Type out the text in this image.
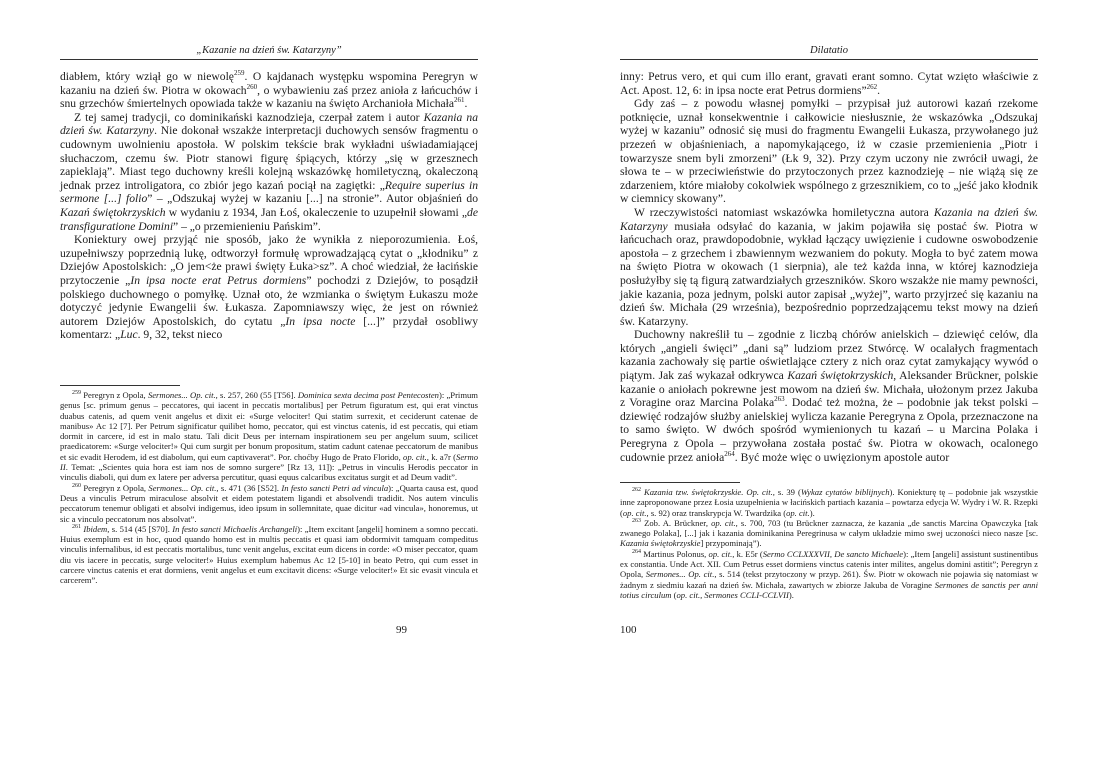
„Kazanie na dzień św. Katarzyny”

diabłem, który wziął go w niewolę$^{259}$. O kajdanach występku wspomina Peregryn w kazaniu na dzień św. Piotra w okowach$^{260}$, o wybawieniu zaś przez anioła z łańcuchów i snu grzechów śmiertelnych opowiada także w kazaniu na święto Archanioła Michała$^{261}$.

Z tej samej tradycji, co dominikański kaznodzieja, czerpał zatem i autor Kazania na dzień św. Katarzyny. Nie dokonał wszakże interpretacji duchowych sensów fragmentu o cudownym uwolnieniu apostoła. W polskim tekście brak wykładni uświadamiającej słuchaczom, czemu św. Piotr stanowi figurę śpiących, którzy „się w grzesznech zapieklają”. Miast tego duchowny kreśli kolejną wskazówkę homiletyczną, okaleczoną jednak przez introligatora, co zbiór jego kazań pociął na zagiętki: „Require superius in sermone [...] folio” – „Odszukaj wyżej w kazaniu [...] na stronie”. Autor objaśnień do Kazań świętokrzyskich w wydaniu z 1934, Jan Łoś, okaleczenie to uzupełnił słowami „de transfiguratione Domini” – „o przemienieniu Pańskim”.

Koniektury owej przyjąć nie sposób, jako że wynikła z nieporozumienia. Łoś, uzupełniwszy poprzednią lukę, odtworzył formułę wprowadzającą cytat o „kłodniku” z Dziejów Apostolskich: „O jem<że prawi święty Łuka>sz”. A choć wiedział, że łacińskie przytoczenie „In ipsa nocte erat Petrus dormiens” pochodzi z Dziejów, to posądził polskiego duchownego o pomyłkę. Uznał oto, że wzmianka o świętym Łukaszu może dotyczyć jedynie Ewangelii św. Łukasza. Zapomniawszy więc, że jest on również autorem Dziejów Apostolskich, do cytatu „In ipsa nocte [...]” przydał osobliwy komentarz: „Luc. 9, 32, tekst nieco

$^{259}$ Peregryn z Opola, Sermones... Op. cit., s. 257, 260 (55 [T56]. Dominica sexta decima post Pentecosten): „Primum genus [sc. primum genus – peccatores, qui iacent in peccatis mortalibus] per Petrum figuratum est, qui erat vinctus duabus catenis, ad quem venit angelus et dixit ei: «Surge velociter! Qui statim surrexit, et ceciderunt catenae de manibus» Ac 12 [7]. Per Petrum significatur quilibet homo, peccator, qui est vinctus catenis, id est peccatis, qui etiam dormit in carcere, id est in malo statu. Tali dicit Deus per internam inspirationem seu per angelum suum, scilicet praedicatorem: «Surge velociter!» Qui cum surgit per bonum propositum, statim cadunt catenae peccatorum de manibus et sic evadit Herodem, id est diabolum, qui eum captivaverat”. Por. choćby Hugo de Prato Florido, op. cit., k. a7r (Sermo II. Temat: „Scientes quia hora est iam nos de somno surgere” [Rz 13, 11]): „Petrus in vinculis Herodis peccator in vinculis diaboli, qui dum ex latere per adversa percutitur, quasi equus calcaribus excitatus surgit et ad Deum vadit”.

$^{260}$ Peregryn z Opola, Sermones... Op. cit., s. 471 (36 [S52]. In festo sancti Petri ad vincula): „Quarta causa est, quod Deus a vinculis Petrum miraculose absolvit et eidem potestatem ligandi et absolvendi tradidit. Nos autem vinculis peccatorum tenemur obligati et absolvi indigemus, ideo ipsum in sollemnitate, quae dicitur «ad vincula», honoremus, ut sic a vinculo peccatorum nos absolvat”.

$^{261}$ Ibidem, s. 514 (45 [S70]. In festo sancti Michaelis Archangeli): „Item excitant [angeli] hominem a somno peccati. Huius exemplum est in hoc, quod quando homo est in multis peccatis et quasi iam obdormivit tamquam compeditus vinculis infernalibus, id est peccatis mortalibus, tunc venit angelus, excitat eum dicens in corde: «O miser peccator, quam diu vis iacere in peccatis, surge velociter!» Huius exemplum habemus Ac 12 [5-10] in beato Petro, qui cum esset in carcere vinctus catenis et erat dormiens, venit angelus et eum excitavit dicens: «Surge velociter!» Et sic evasit vincula et carcerem”.

99
Dilatatio

inny: Petrus vero, et qui cum illo erant, gravati erant somno. Cytat wzięto właściwie z Act. Apost. 12, 6: in ipsa nocte erat Petrus dormiens”$^{262}$.

Gdy zaś – z powodu własnej pomyłki – przypisał już autorowi kazań rzekome potknięcie, uznał konsekwentnie i całkowicie niesłusznie, że wskazówka „Odszukaj wyżej w kazaniu” odnosić się musi do fragmentu Ewangelii Łukasza, przywołanego już przezeń w objaśnieniach, a napomykającego, iż w czasie przemienienia „Piotr i towarzysze snem byli zmorzeni” (Łk 9, 32). Przy czym uczony nie zwrócił uwagi, że słowa te – w przeciwieństwie do przytoczonych przez kaznodzieję – nie wiążą się ze zdarzeniem, które miałoby cokolwiek wspólnego z grzesznikiem, co to „jeść jako kłodnik w ciemnicy skowany”.

W rzeczywistości natomiast wskazówka homiletyczna autora Kazania na dzień św. Katarzyny musiała odsyłać do kazania, w jakim pojawiła się postać św. Piotra w łańcuchach oraz, prawdopodobnie, wykład łączący uwięzienie i cudowne oswobodzenie apostoła – z grzechem i zbawiennym wezwaniem do pokuty. Mogła to być zatem mowa na święto Piotra w okowach (1 sierpnia), ale też każda inna, w której kaznodzieja posłużyłby się tą figurą zatwardziałych grzeszników. Skoro wszakże nie mamy pewności, jakie kazania, poza jednym, polski autor zapisał „wyżej”, warto przyjrzeć się kazaniu na dzień św. Michała (29 września), bezpośrednio poprzedzającemu tekst mowy na dzień św. Katarzyny.

Duchowny nakreślił tu – zgodnie z liczbą chórów anielskich – dziewięć celów, dla których „angieli święci” „dani są” ludziom przez Stwórcę. W ocalałych fragmentach kazania zachowały się partie oświetlające cztery z nich oraz cytat zamykający wywód o piątym. Jak zaś wykazał odkrywca Kazań świętokrzyskich, Aleksander Brückner, polskie kazanie o aniołach pokrewne jest mowom na dzień św. Michała, ułożonym przez Jakuba z Voragine oraz Marcina Polaka$^{263}$. Dodać też można, że – podobnie jak tekst polski – dziewięć rodzajów służby anielskiej wylicza kazanie Peregryna z Opola, przeznaczone na to samo święto. W dwóch spośród wymienionych tu kazań – u Marcina Polaka i Peregryna z Opola – przywołana została postać św. Piotra w okowach, ocalonego cudownie przez anioła$^{264}$. Być może więc o uwięzionym apostole autor

$^{262}$ Kazania tzw. świętokrzyskie. Op. cit., s. 39 (Wykaz cytatów biblijnych). Koniekturę tę – podobnie jak wszystkie inne zaproponowane przez Łosia uzupełnienia w łacińskich partiach kazania – powtarza edycja W. Wydry i W. R. Rzepki (op. cit., s. 92) oraz transkrypcja W. Twardzika (op. cit.).

$^{263}$ Zob. A. Brückner, op. cit., s. 700, 703 (tu Brückner zaznacza, że kazania „de sanctis Marcina Opawczyka [tak zwanego Polaka], [...] jak i kazania dominikanina Peregrinusa w całym układzie mimo swej uczoności nieco nasze [sc. Kazania świętokrzyskie] przypominają”).

$^{264}$ Martinus Polonus, op. cit., k. E5r (Sermo CCLXXXVII, De sancto Michaele): „Item [angeli] assistunt sustinentibus ex constantia. Unde Act. XII. Cum Petrus esset dormiens vinctus catenis inter milites, angelus domini astitit”; Peregryn z Opola, Sermones... Op. cit., s. 514 (tekst przytoczony w przyp. 261). Św. Piotr w okowach nie pojawia się natomiast w żadnym z siedmiu kazań na dzień św. Michała, zawartych w zbiorze Jakuba de Voragine Sermones de sanctis per anni totius circulum (op. cit., Sermones CCLI-CCLVII).

100
